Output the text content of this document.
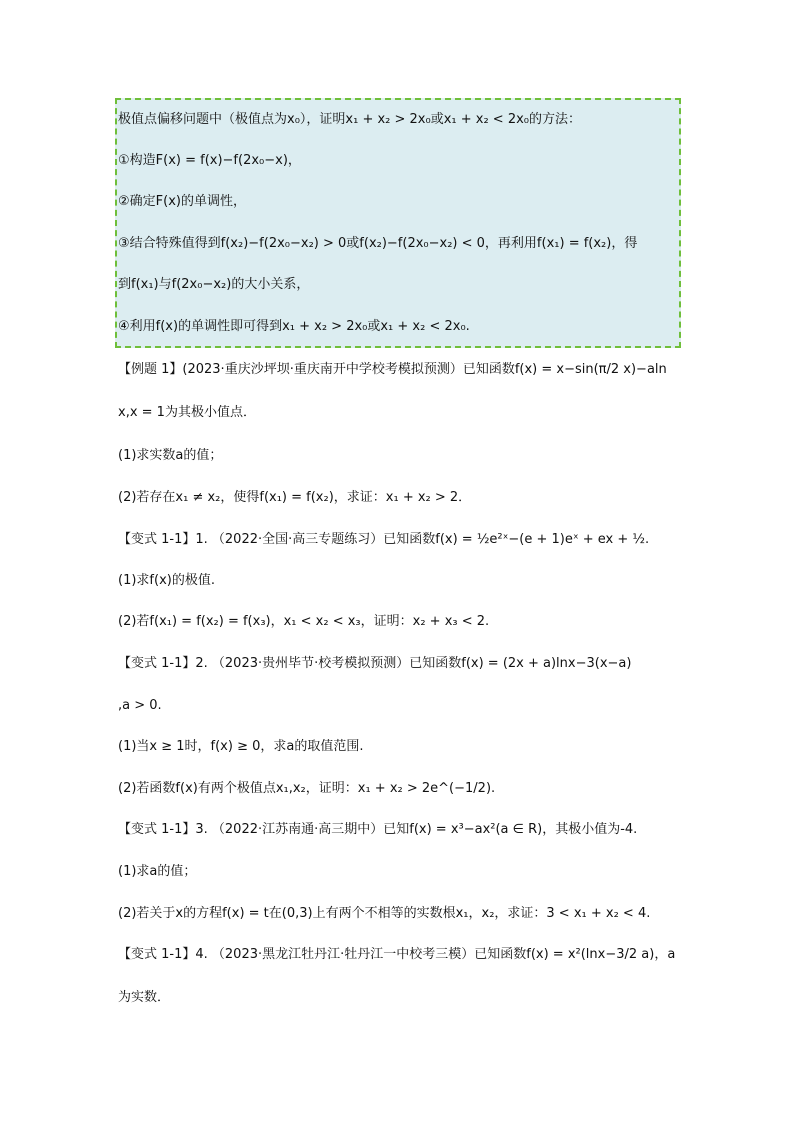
极值点偏移问题中（极值点为x₀），证明x₁ + x₂ > 2x₀或x₁ + x₂ < 2x₀的方法：
①构造F(x) = f(x)−f(2x₀−x)，
②确定F(x)的单调性，
③结合特殊值得到f(x₂)−f(2x₀−x₂) > 0或f(x₂)−f(2x₀−x₂) < 0，再利用f(x₁) = f(x₂)，得
到f(x₁)与f(2x₀−x₂)的大小关系，
④利用f(x)的单调性即可得到x₁ + x₂ > 2x₀或x₁ + x₂ < 2x₀.
【例题 1】(2023·重庆沙坪坝·重庆南开中学校考模拟预测）已知函数f(x) = x−sin(π/2 x)−aln
x,x = 1为其极小值点．
(1)求实数a的值；
(2)若存在x₁ ≠ x₂，使得f(x₁) = f(x₂)，求证：x₁ + x₂ > 2．
【变式 1-1】1. （2022·全国·高三专题练习）已知函数f(x) = ½e²ˣ−(e + 1)eˣ + ex + ½.
(1)求f(x)的极值.
(2)若f(x₁) = f(x₂) = f(x₃)，x₁ < x₂ < x₃，证明：x₂ + x₃ < 2.
【变式 1-1】2. （2023·贵州毕节·校考模拟预测）已知函数f(x) = (2x + a)lnx−3(x−a)
,a > 0.
(1)当x ≥ 1时，f(x) ≥ 0，求a的取值范围.
(2)若函数f(x)有两个极值点x₁,x₂，证明：x₁ + x₂ > 2e^(−1/2).
【变式 1-1】3. （2022·江苏南通·高三期中）已知f(x) = x³−ax²(a ∈ R)，其极小值为-4.
(1)求a的值；
(2)若关于x的方程f(x) = t在(0,3)上有两个不相等的实数根x₁，x₂，求证：3 < x₁ + x₂ < 4.
【变式 1-1】4. （2023·黑龙江牡丹江·牡丹江一中校考三模）已知函数f(x) = x²(lnx−3/2 a)，a
为实数．
